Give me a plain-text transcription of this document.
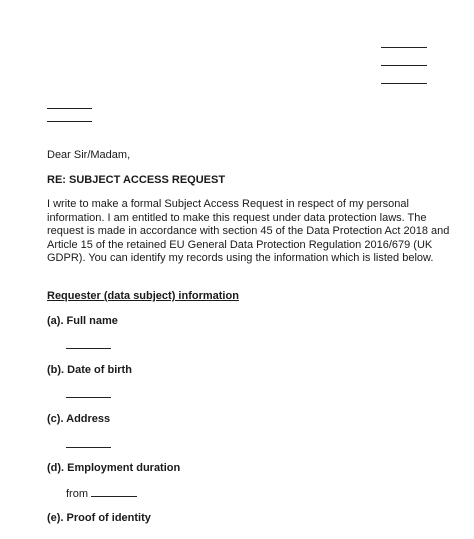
Dear Sir/Madam,
RE: SUBJECT ACCESS REQUEST
I write to make a formal Subject Access Request in respect of my personal
information. I am entitled to make this request under data protection laws. The
request is made in accordance with section 45 of the Data Protection Act 2018 and
Article 15 of the retained EU General Data Protection Regulation 2016/679 (UK
GDPR). You can identify my records using the information which is listed below.
Requester (data subject) information
(a). Full name
(b). Date of birth
(c). Address
(d). Employment duration
from
(e). Proof of identity
